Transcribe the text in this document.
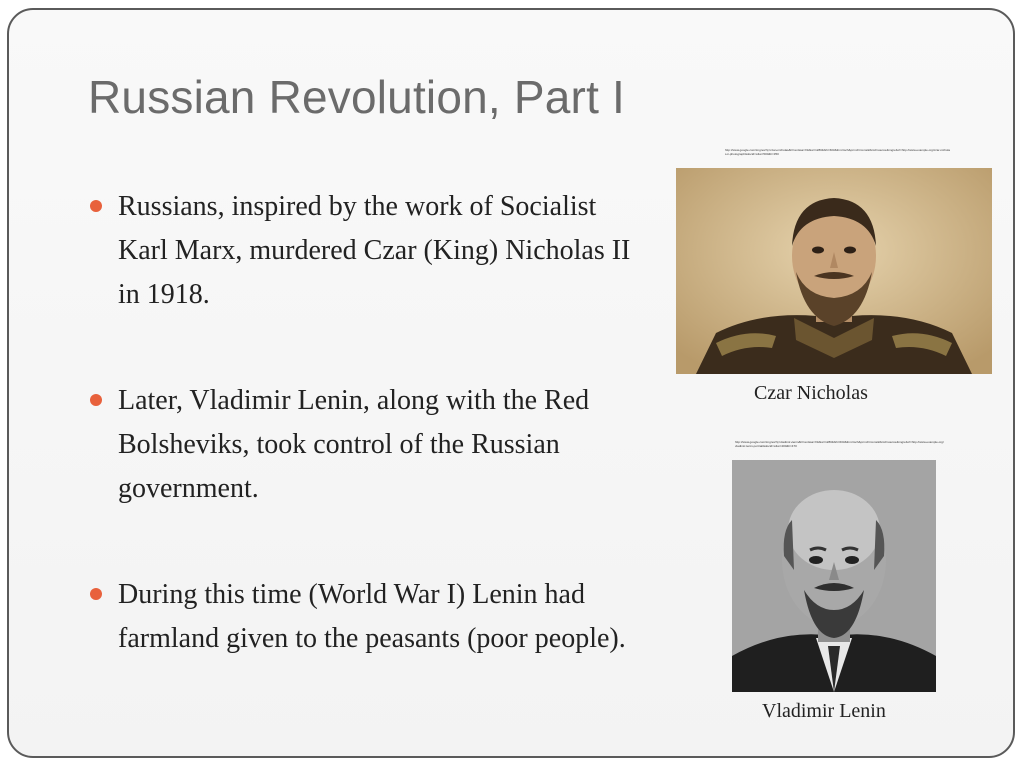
Russian Revolution, Part I
Russians, inspired by the work of Socialist Karl Marx, murdered Czar (King) Nicholas II in 1918.
Later, Vladimir Lenin, along with the Red Bolsheviks, took control of the Russian government.
During this time (World War I) Lenin had farmland given to the peasants (poor people).
http://www.google.com/imgres?q=czar+nicholas&hl=en&sa=X&biw=1280&bih=603&tbm=isch&prmd=imvns&tbnid=source&imgrefurl=http://www.example.org/czar-nicholas-ii-photograph&docid=x&w=500&h=350
Czar Nicholas
http://www.google.com/imgres?q=vladimir+lenin&hl=en&sa=X&biw=1280&bih=603&tbm=isch&prmd=imvns&tbnid=source&imgrefurl=http://www.example.org/vladimir-lenin-portrait&docid=x&w=400&h=470
Vladimir Lenin
